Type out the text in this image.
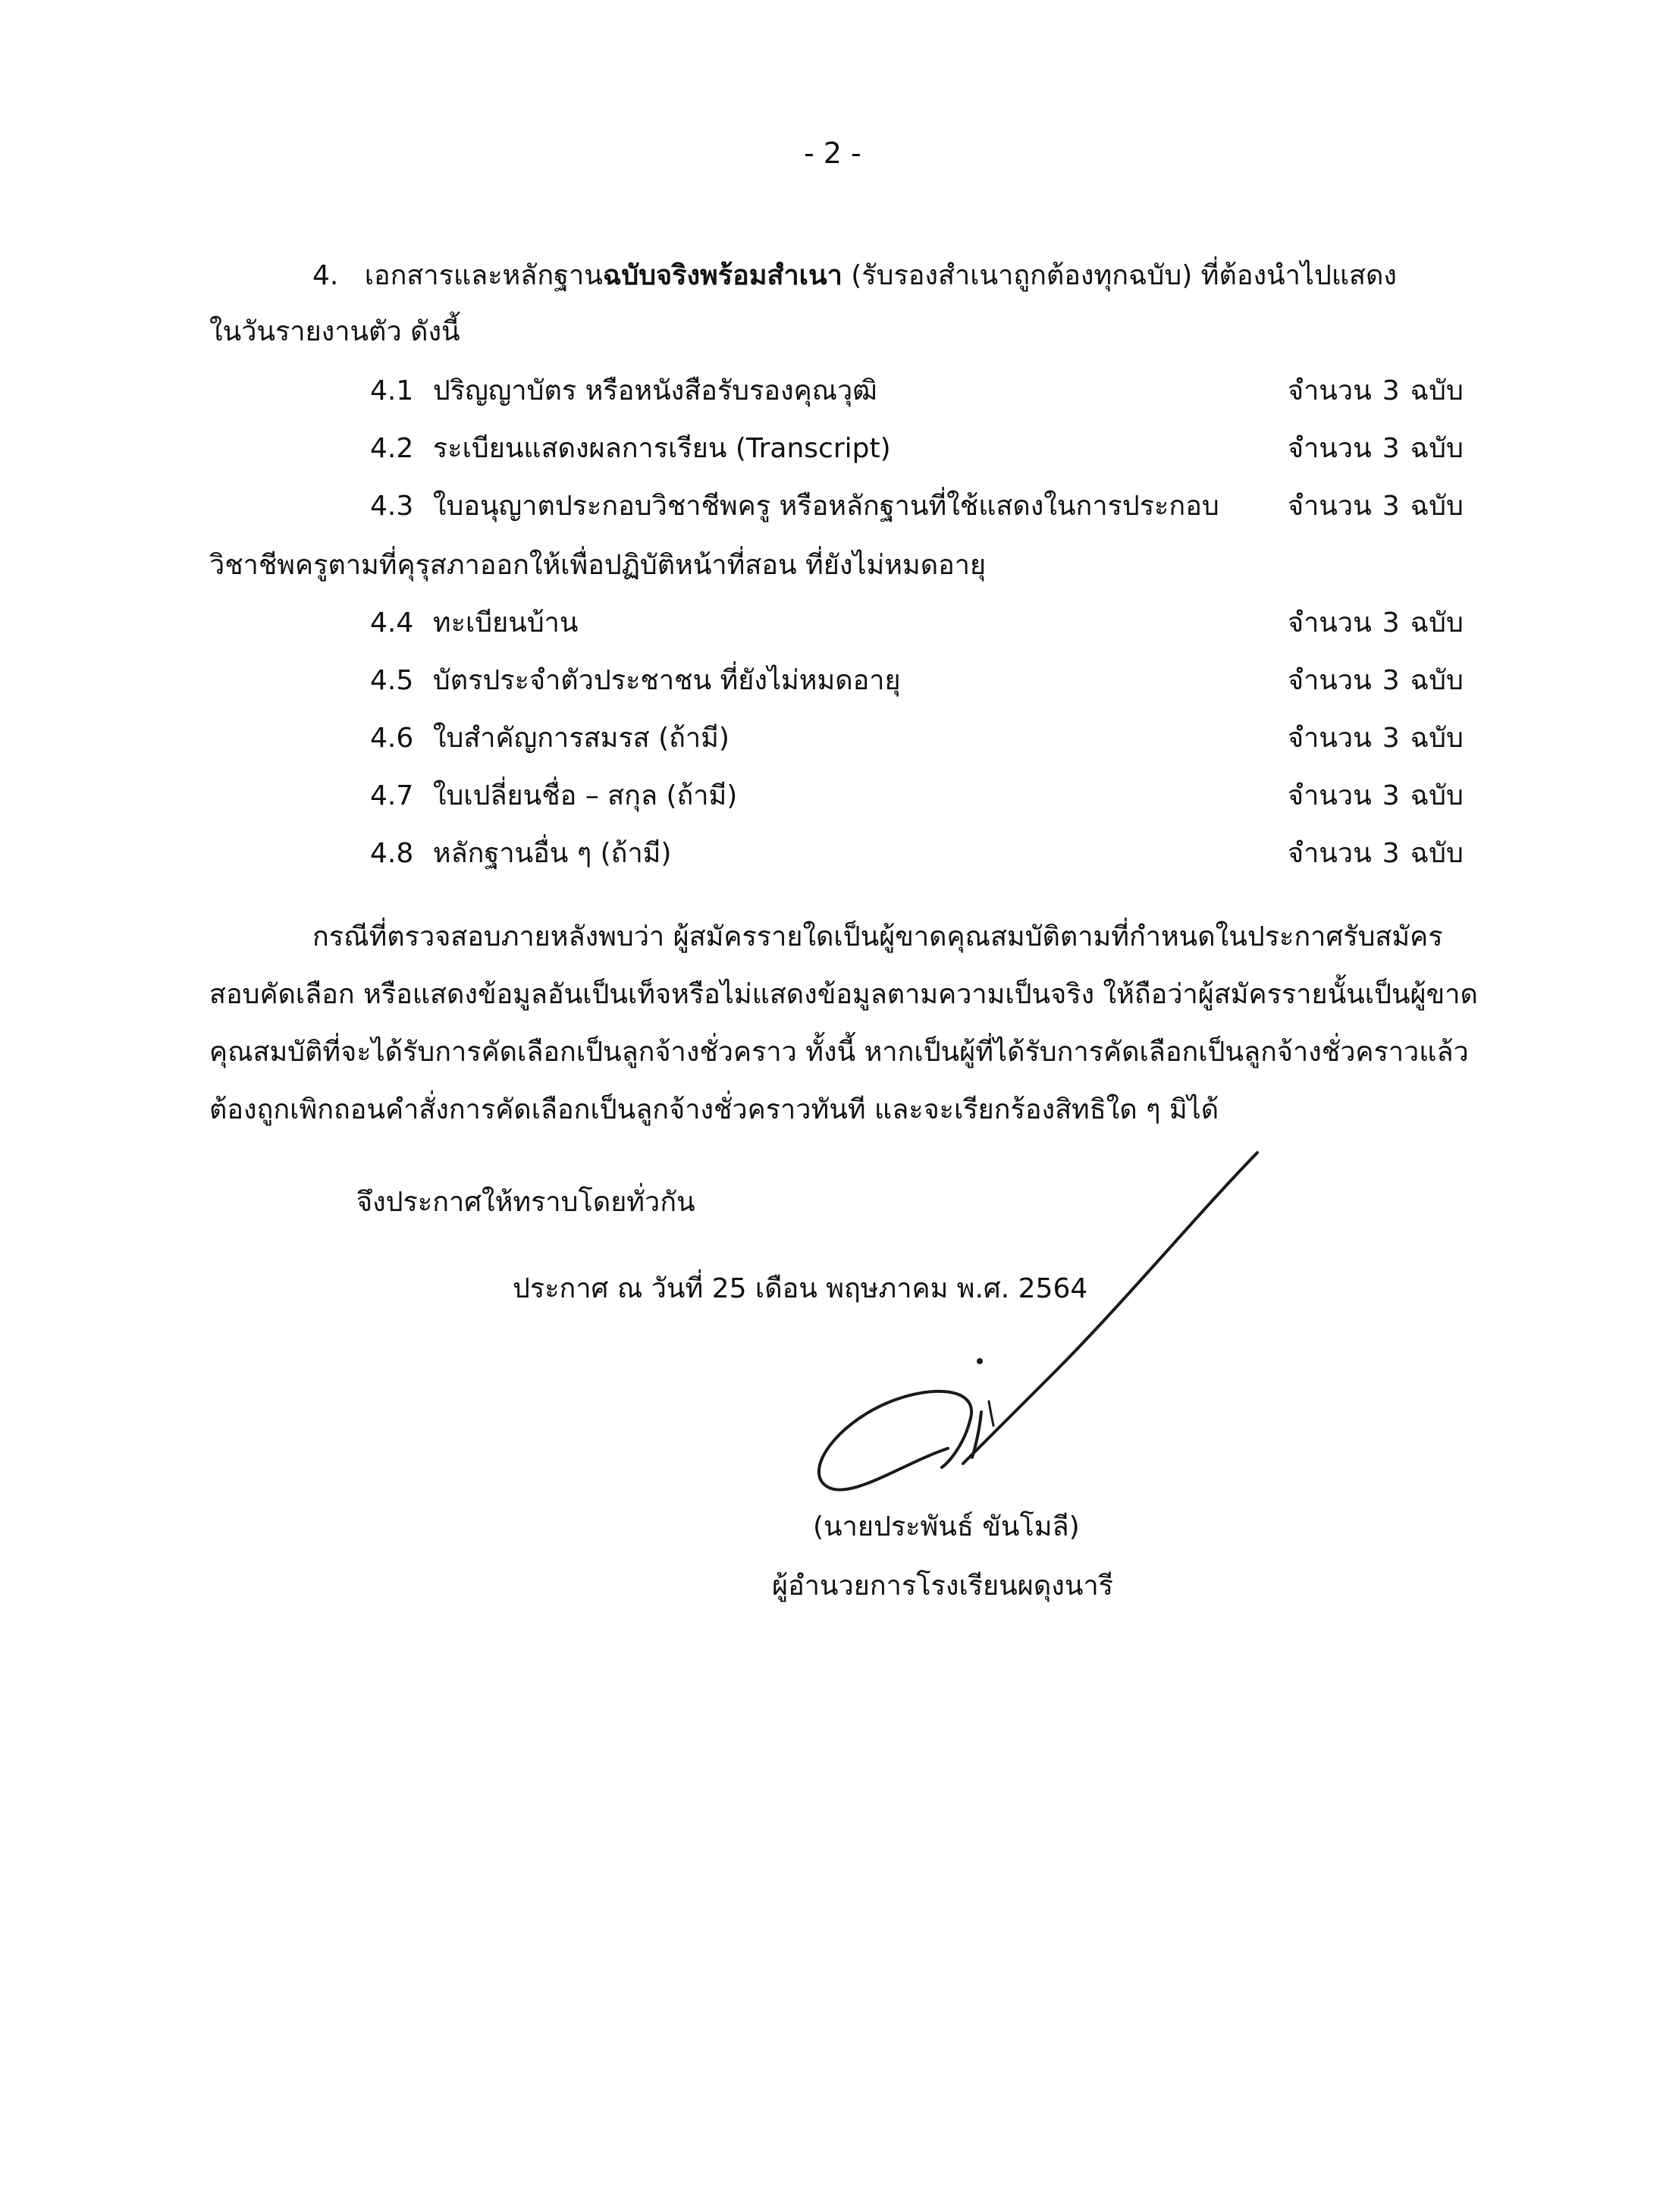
- 2 -
4. เอกสารและหลักฐานฉบับจริงพร้อมสำเนา (รับรองสำเนาถูกต้องทุกฉบับ) ที่ต้องนำไปแสดง
ในวันรายงานตัว ดังนี้
4.1 ปริญญาบัตร หรือหนังสือรับรองคุณวุฒิ	จำนวน 3 ฉบับ
4.2 ระเบียนแสดงผลการเรียน (Transcript)	จำนวน 3 ฉบับ
4.3 ใบอนุญาตประกอบวิชาชีพครู หรือหลักฐานที่ใช้แสดงในการประกอบ	จำนวน 3 ฉบับ
วิชาชีพครูตามที่คุรุสภาออกให้เพื่อปฏิบัติหน้าที่สอน ที่ยังไม่หมดอายุ
4.4 ทะเบียนบ้าน	จำนวน 3 ฉบับ
4.5 บัตรประจำตัวประชาชน ที่ยังไม่หมดอายุ	จำนวน 3 ฉบับ
4.6 ใบสำคัญการสมรส (ถ้ามี)	จำนวน 3 ฉบับ
4.7 ใบเปลี่ยนชื่อ – สกุล (ถ้ามี)	จำนวน 3 ฉบับ
4.8 หลักฐานอื่น ๆ (ถ้ามี)	จำนวน 3 ฉบับ
กรณีที่ตรวจสอบภายหลังพบว่า ผู้สมัครรายใดเป็นผู้ขาดคุณสมบัติตามที่กำหนดในประกาศรับสมัคร
สอบคัดเลือก หรือแสดงข้อมูลอันเป็นเท็จหรือไม่แสดงข้อมูลตามความเป็นจริง ให้ถือว่าผู้สมัครรายนั้นเป็นผู้ขาด
คุณสมบัติที่จะได้รับการคัดเลือกเป็นลูกจ้างชั่วคราว ทั้งนี้ หากเป็นผู้ที่ได้รับการคัดเลือกเป็นลูกจ้างชั่วคราวแล้ว
ต้องถูกเพิกถอนคำสั่งการคัดเลือกเป็นลูกจ้างชั่วคราวทันที และจะเรียกร้องสิทธิใด ๆ มิได้
จึงประกาศให้ทราบโดยทั่วกัน
ประกาศ ณ วันที่ 25 เดือน พฤษภาคม พ.ศ. 2564
(นายประพันธ์ ขันโมลี)
ผู้อำนวยการโรงเรียนผดุงนารี
